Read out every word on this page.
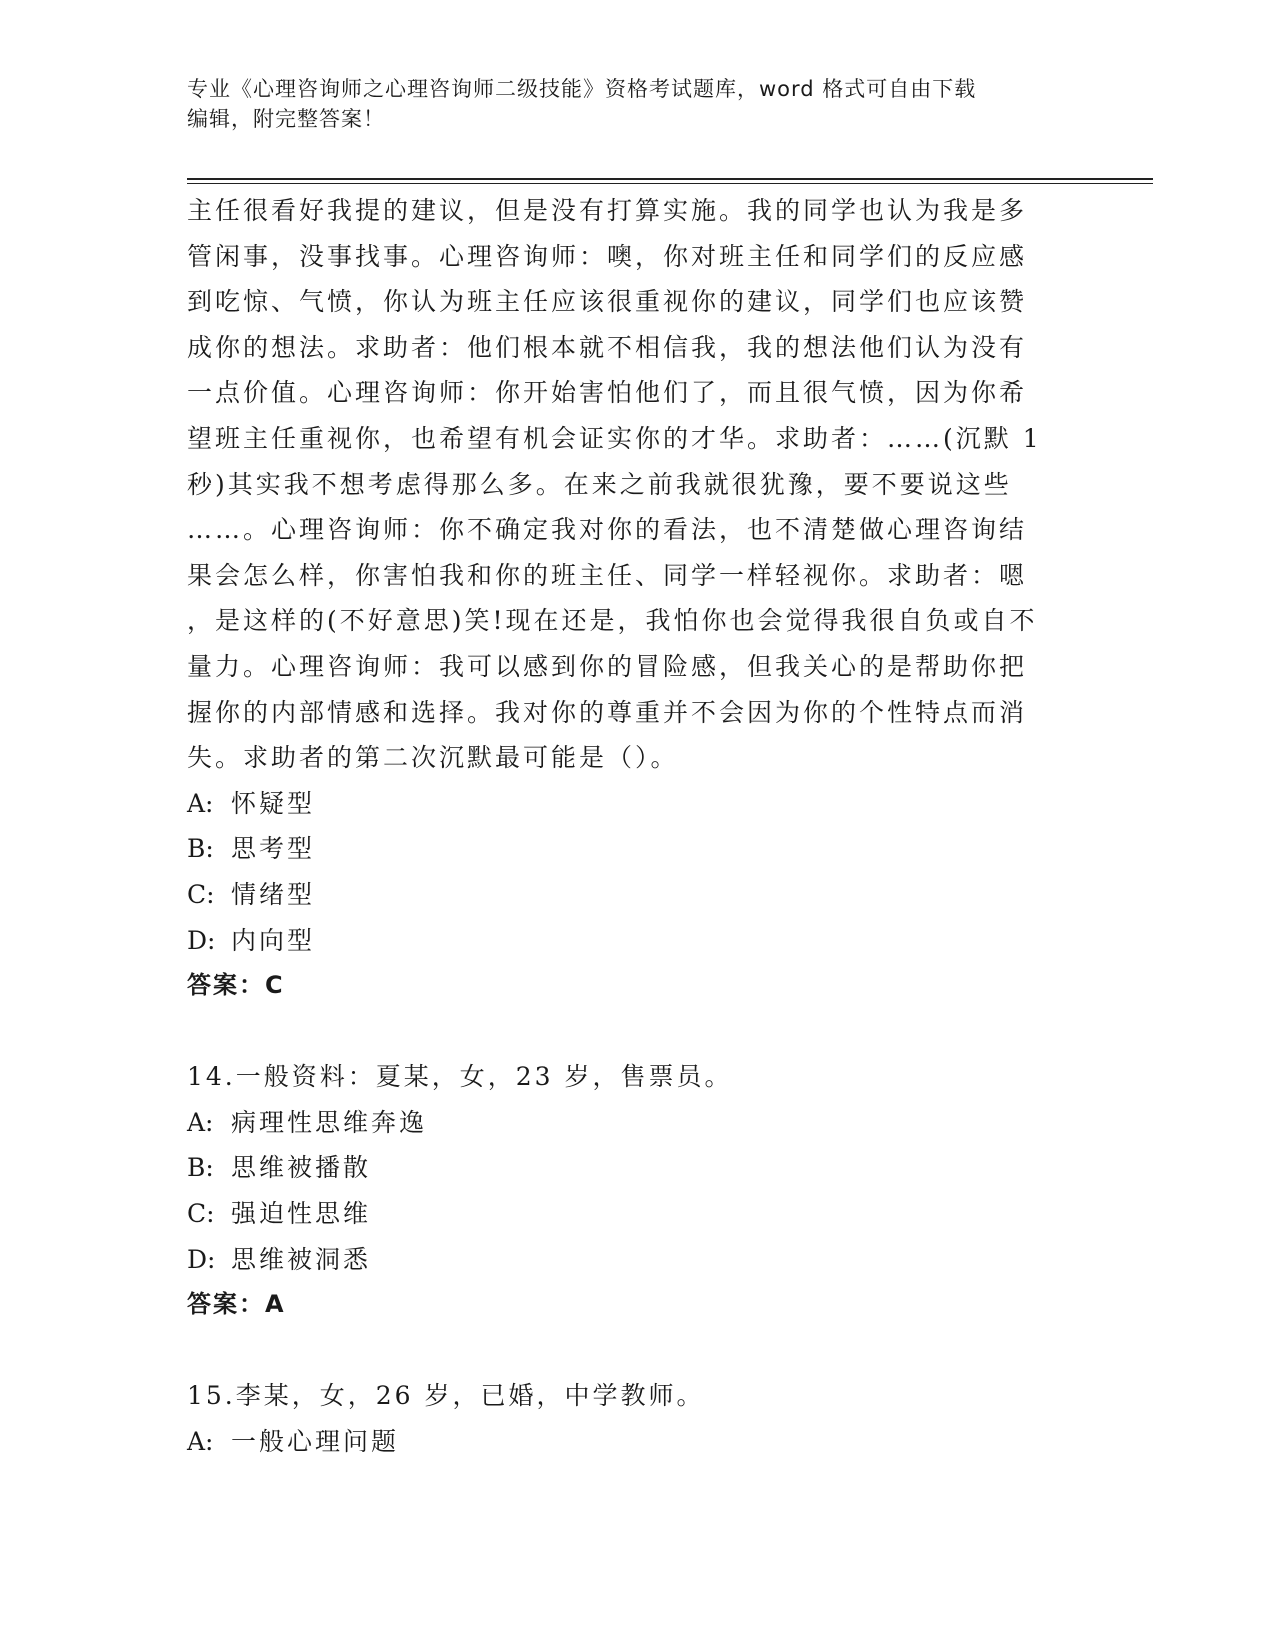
专业《心理咨询师之心理咨询师二级技能》资格考试题库，word 格式可自由下载
编辑，附完整答案！

主任很看好我提的建议，但是没有打算实施。我的同学也认为我是多

管闲事，没事找事。心理咨询师：噢，你对班主任和同学们的反应感

到吃惊、气愤，你认为班主任应该很重视你的建议，同学们也应该赞

成你的想法。求助者：他们根本就不相信我，我的想法他们认为没有

一点价值。心理咨询师：你开始害怕他们了，而且很气愤，因为你希

望班主任重视你，也希望有机会证实你的才华。求助者：……(沉默 1

秒)其实我不想考虑得那么多。在来之前我就很犹豫，要不要说这些

……。心理咨询师：你不确定我对你的看法，也不清楚做心理咨询结

果会怎么样，你害怕我和你的班主任、同学一样轻视你。求助者：嗯

，是这样的(不好意思)笑!现在还是，我怕你也会觉得我很自负或自不

量力。心理咨询师：我可以感到你的冒险感，但我关心的是帮助你把

握你的内部情感和选择。我对你的尊重并不会因为你的个性特点而消

失。求助者的第二次沉默最可能是（）。

A: 怀疑型

B: 思考型

C: 情绪型

D: 内向型

答案：C

14.一般资料：夏某，女，23 岁，售票员。

A: 病理性思维奔逸

B: 思维被播散

C: 强迫性思维

D: 思维被洞悉

答案：A

15.李某，女，26 岁，已婚，中学教师。

A: 一般心理问题
